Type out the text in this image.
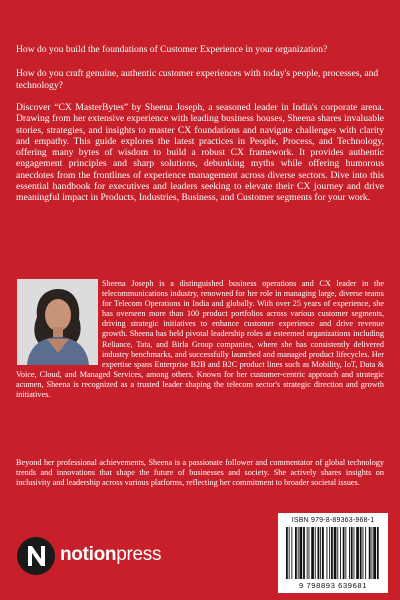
How do you build the foundations of Customer Experience in your organization?

How do you craft genuine, authentic customer experiences with today's people, processes, and technology?

Discover “CX MasterBytes” by Sheena Joseph, a seasoned leader in India's corporate arena. Drawing from her extensive experience with leading business houses, Sheena shares invaluable stories, strategies, and insights to master CX foundations and navigate challenges with clarity and empathy. This guide explores the latest practices in People, Process, and Technology, offering many bytes of wisdom to build a robust CX framework. It provides authentic engagement principles and sharp solutions, debunking myths while offering humorous anecdotes from the frontlines of experience management across diverse sectors. Dive into this essential handbook for executives and leaders seeking to elevate their CX journey and drive meaningful impact in Products, Industries, Business, and Customer segments for your work.

Sheena Joseph is a distinguished business operations and CX leader in the telecommunications industry, renowned for her role in managing large, diverse teams for Telecom Operations in India and globally. With over 25 years of experience, she has overseen more than 100 product portfolios across various customer segments, driving strategic initiatives to enhance customer experience and drive revenue growth. Sheena has held pivotal leadership roles at esteemed organizations including Reliance, Tata, and Birla Group companies, where she has consistently delivered industry benchmarks, and successfully launched and managed product lifecycles. Her expertise spans Enterprise B2B and B2C product lines such as Mobility, IoT, Data & Voice, Cloud, and Managed Services, among others. Known for her customer-centric approach and strategic acumen, Sheena is recognized as a trusted leader shaping the telecom sector's strategic direction and growth initiatives.

Beyond her professional achievements, Sheena is a passionate follower and commentator of global technology trends and innovations that shape the future of businesses and society. She actively shares insights on inclusivity and leadership across various platforms, reflecting her commitment to broader societal issues.

notionpress
ISBN 979-8-89363-968-1
9 798893 639681
